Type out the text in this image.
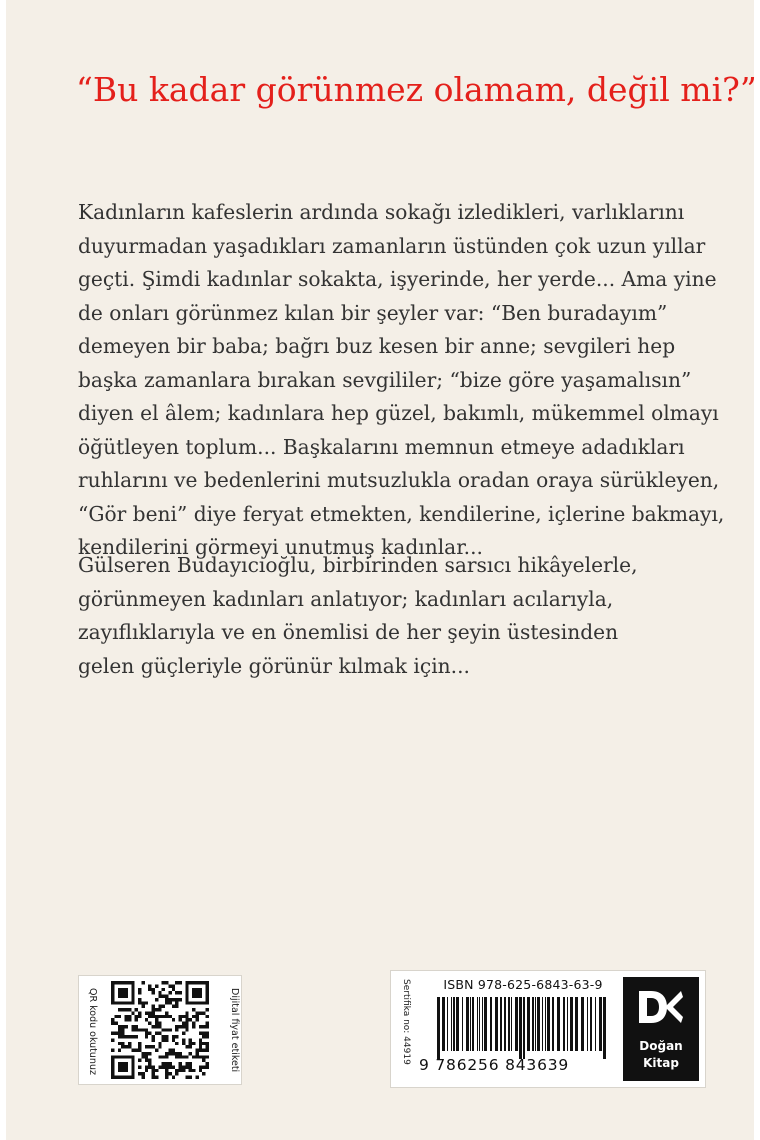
“Bu kadar görünmez olamam, değil mi?”

Kadınların kafeslerin ardında sokağı izledikleri, varlıklarını
duyurmadan yaşadıkları zamanların üstünden çok uzun yıllar
geçti. Şimdi kadınlar sokakta, işyerinde, her yerde... Ama yine
de onları görünmez kılan bir şeyler var: “Ben buradayım”
demeyen bir baba; bağrı buz kesen bir anne; sevgileri hep
başka zamanlara bırakan sevgililer; “bize göre yaşamalısın”
diyen el âlem; kadınlara hep güzel, bakımlı, mükemmel olmayı
öğütleyen toplum... Başkalarını memnun etmeye adadıkları
ruhlarını ve bedenlerini mutsuzlukla oradan oraya sürükleyen,
“Gör beni” diye feryat etmekten, kendilerine, içlerine bakmayı,
kendilerini görmeyi unutmuş kadınlar...

Gülseren Budayıcıoğlu, birbirinden sarsıcı hikâyelerle,
görünmeyen kadınları anlatıyor; kadınları acılarıyla,
zayıflıklarıyla ve en önemlisi de her şeyin üstesinden
gelen güçleriyle görünür kılmak için...

QR kodu okutunuz	Dijital fiyat etiketi	Sertifika no: 44919	ISBN 978-625-6843-63-9
9 786256 843639
Doğan
Kitap
